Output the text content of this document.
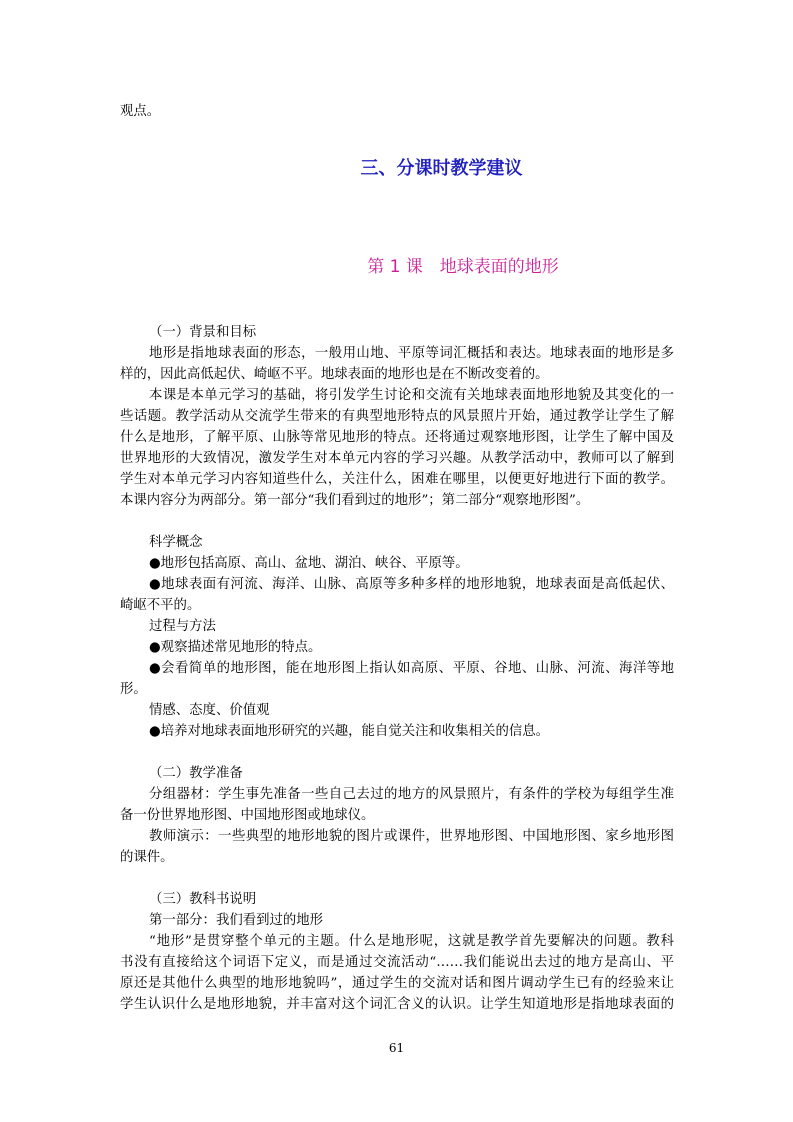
观点。
三、分课时教学建议
第 1 课　地球表面的地形
（一）背景和目标
地形是指地球表面的形态，一般用山地、平原等词汇概括和表达。地球表面的地形是多
样的，因此高低起伏、崎岖不平。地球表面的地形也是在不断改变着的。
本课是本单元学习的基础，将引发学生讨论和交流有关地球表面地形地貌及其变化的一
些话题。教学活动从交流学生带来的有典型地形特点的风景照片开始，通过教学让学生了解
什么是地形，了解平原、山脉等常见地形的特点。还将通过观察地形图，让学生了解中国及
世界地形的大致情况，激发学生对本单元内容的学习兴趣。从教学活动中，教师可以了解到
学生对本单元学习内容知道些什么，关注什么，困难在哪里，以便更好地进行下面的教学。
本课内容分为两部分。第一部分“我们看到过的地形”；第二部分“观察地形图”。
科学概念
●地形包括高原、高山、盆地、湖泊、峡谷、平原等。
●地球表面有河流、海洋、山脉、高原等多种多样的地形地貌，地球表面是高低起伏、
崎岖不平的。
过程与方法
●观察描述常见地形的特点。
●会看简单的地形图，能在地形图上指认如高原、平原、谷地、山脉、河流、海洋等地
形。
情感、态度、价值观
●培养对地球表面地形研究的兴趣，能自觉关注和收集相关的信息。
（二）教学准备
分组器材：学生事先准备一些自己去过的地方的风景照片，有条件的学校为每组学生准
备一份世界地形图、中国地形图或地球仪。
教师演示：一些典型的地形地貌的图片或课件，世界地形图、中国地形图、家乡地形图
的课件。
（三）教科书说明
第一部分：我们看到过的地形
“地形”是贯穿整个单元的主题。什么是地形呢，这就是教学首先要解决的问题。教科
书没有直接给这个词语下定义，而是通过交流活动“……我们能说出去过的地方是高山、平
原还是其他什么典型的地形地貌吗”，通过学生的交流对话和图片调动学生已有的经验来让
学生认识什么是地形地貌，并丰富对这个词汇含义的认识。让学生知道地形是指地球表面的
61
